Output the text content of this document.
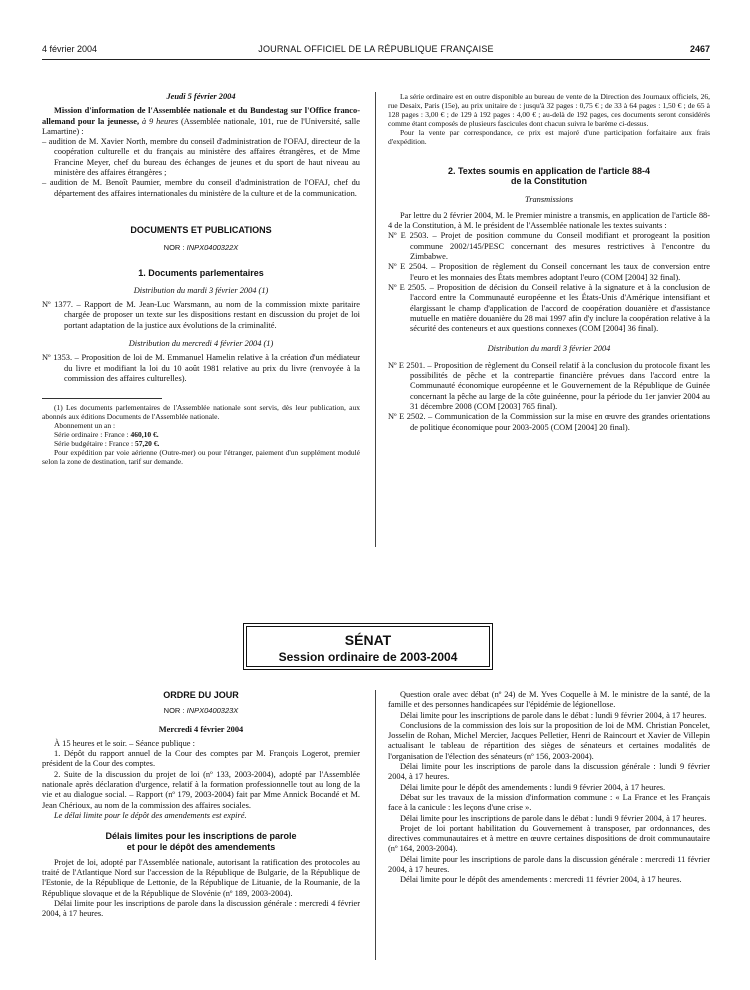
4 février 2004	JOURNAL OFFICIEL DE LA RÉPUBLIQUE FRANÇAISE	2467

Jeudi 5 février 2004

Mission d'information de l'Assemblée nationale et du Bundestag sur l'Office franco-allemand pour la jeunesse, à 9 heures (Assemblée nationale, 101, rue de l'Université, salle Lamartine) :

– audition de M. Xavier North, membre du conseil d'administration de l'OFAJ, directeur de la coopération culturelle et du français au ministère des affaires étrangères, et de Mme Francine Meyer, chef du bureau des échanges de jeunes et du sport de haut niveau au ministère des affaires étrangères ;

– audition de M. Benoît Paumier, membre du conseil d'administration de l'OFAJ, chef du département des affaires internationales du ministère de la culture et de la communication.

DOCUMENTS ET PUBLICATIONS

NOR : INPX0400322X

1. Documents parlementaires

Distribution du mardi 3 février 2004 (1)

Nº 1377. – Rapport de M. Jean-Luc Warsmann, au nom de la commission mixte paritaire chargée de proposer un texte sur les dispositions restant en discussion du projet de loi portant adaptation de la justice aux évolutions de la criminalité.

Distribution du mercredi 4 février 2004 (1)

Nº 1353. – Proposition de loi de M. Emmanuel Hamelin relative à la création d'un médiateur du livre et modifiant la loi du 10 août 1981 relative au prix du livre (renvoyée à la commission des affaires culturelles).

(1) Les documents parlementaires de l'Assemblée nationale sont servis, dès leur publication, aux abonnés aux éditions Documents de l'Assemblée nationale.

Abonnement un an :

Série ordinaire : France : 460,10 €.

Série budgétaire : France : 57,20 €.

Pour expédition par voie aérienne (Outre-mer) ou pour l'étranger, paiement d'un supplément modulé selon la zone de destination, tarif sur demande.

La série ordinaire est en outre disponible au bureau de vente de la Direction des Journaux officiels, 26, rue Desaix, Paris (15e), au prix unitaire de : jusqu'à 32 pages : 0,75 € ; de 33 à 64 pages : 1,50 € ; de 65 à 128 pages : 3,00 € ; de 129 à 192 pages : 4,00 € ; au-delà de 192 pages, ces documents seront considérés comme étant composés de plusieurs fascicules dont chacun suivra le barème ci-dessus.

Pour la vente par correspondance, ce prix est majoré d'une participation forfaitaire aux frais d'expédition.

2. Textes soumis en application de l'article 88-4

de la Constitution

Transmissions

Par lettre du 2 février 2004, M. le Premier ministre a transmis, en application de l'article 88-4 de la Constitution, à M. le président de l'Assemblée nationale les textes suivants :

Nº E 2503. – Projet de position commune du Conseil modifiant et prorogeant la position commune 2002/145/PESC concernant des mesures restrictives à l'encontre du Zimbabwe.

Nº E 2504. – Proposition de règlement du Conseil concernant les taux de conversion entre l'euro et les monnaies des États membres adoptant l'euro (COM [2004] 32 final).

Nº E 2505. – Proposition de décision du Conseil relative à la signature et à la conclusion de l'accord entre la Communauté européenne et les États-Unis d'Amérique intensifiant et élargissant le champ d'application de l'accord de coopération douanière et d'assistance mutuelle en matière douanière du 28 mai 1997 afin d'y inclure la coopération relative à la sécurité des conteneurs et aux questions connexes (COM [2004] 36 final).

Distribution du mardi 3 février 2004

Nº E 2501. – Proposition de règlement du Conseil relatif à la conclusion du protocole fixant les possibilités de pêche et la contrepartie financière prévues dans l'accord entre la Communauté économique européenne et le Gouvernement de la République de Guinée concernant la pêche au large de la côte guinéenne, pour la période du 1er janvier 2004 au 31 décembre 2008 (COM [2003] 765 final).

Nº E 2502. – Communication de la Commission sur la mise en œuvre des grandes orientations de politique économique pour 2003-2005 (COM [2004] 20 final).

SÉNAT
Session ordinaire de 2003-2004

ORDRE DU JOUR

NOR : INPX0400323X

Mercredi 4 février 2004

À 15 heures et le soir. – Séance publique :

1. Dépôt du rapport annuel de la Cour des comptes par M. François Logerot, premier président de la Cour des comptes.

2. Suite de la discussion du projet de loi (nº 133, 2003-2004), adopté par l'Assemblée nationale après déclaration d'urgence, relatif à la formation professionnelle tout au long de la vie et au dialogue social. – Rapport (nº 179, 2003-2004) fait par Mme Annick Bocandé et M. Jean Chérioux, au nom de la commission des affaires sociales.

Le délai limite pour le dépôt des amendements est expiré.

Délais limites pour les inscriptions de parole

et pour le dépôt des amendements

Projet de loi, adopté par l'Assemblée nationale, autorisant la ratification des protocoles au traité de l'Atlantique Nord sur l'accession de la République de Bulgarie, de la République de l'Estonie, de la République de Lettonie, de la République de Lituanie, de la Roumanie, de la République slovaque et de la République de Slovénie (nº 189, 2003-2004).

Délai limite pour les inscriptions de parole dans la discussion générale : mercredi 4 février 2004, à 17 heures.

Question orale avec débat (nº 24) de M. Yves Coquelle à M. le ministre de la santé, de la famille et des personnes handicapées sur l'épidémie de légionellose.

Délai limite pour les inscriptions de parole dans le débat : lundi 9 février 2004, à 17 heures.

Conclusions de la commission des lois sur la proposition de loi de MM. Christian Poncelet, Josselin de Rohan, Michel Mercier, Jacques Pelletier, Henri de Raincourt et Xavier de Villepin actualisant le tableau de répartition des sièges de sénateurs et certaines modalités de l'organisation de l'élection des sénateurs (nº 156, 2003-2004).

Délai limite pour les inscriptions de parole dans la discussion générale : lundi 9 février 2004, à 17 heures.

Délai limite pour le dépôt des amendements : lundi 9 février 2004, à 17 heures.

Débat sur les travaux de la mission d'information commune : « La France et les Français face à la canicule : les leçons d'une crise ».

Délai limite pour les inscriptions de parole dans le débat : lundi 9 février 2004, à 17 heures.

Projet de loi portant habilitation du Gouvernement à transposer, par ordonnances, des directives communautaires et à mettre en œuvre certaines dispositions de droit communautaire (nº 164, 2003-2004).

Délai limite pour les inscriptions de parole dans la discussion générale : mercredi 11 février 2004, à 17 heures.

Délai limite pour le dépôt des amendements : mercredi 11 février 2004, à 17 heures.
